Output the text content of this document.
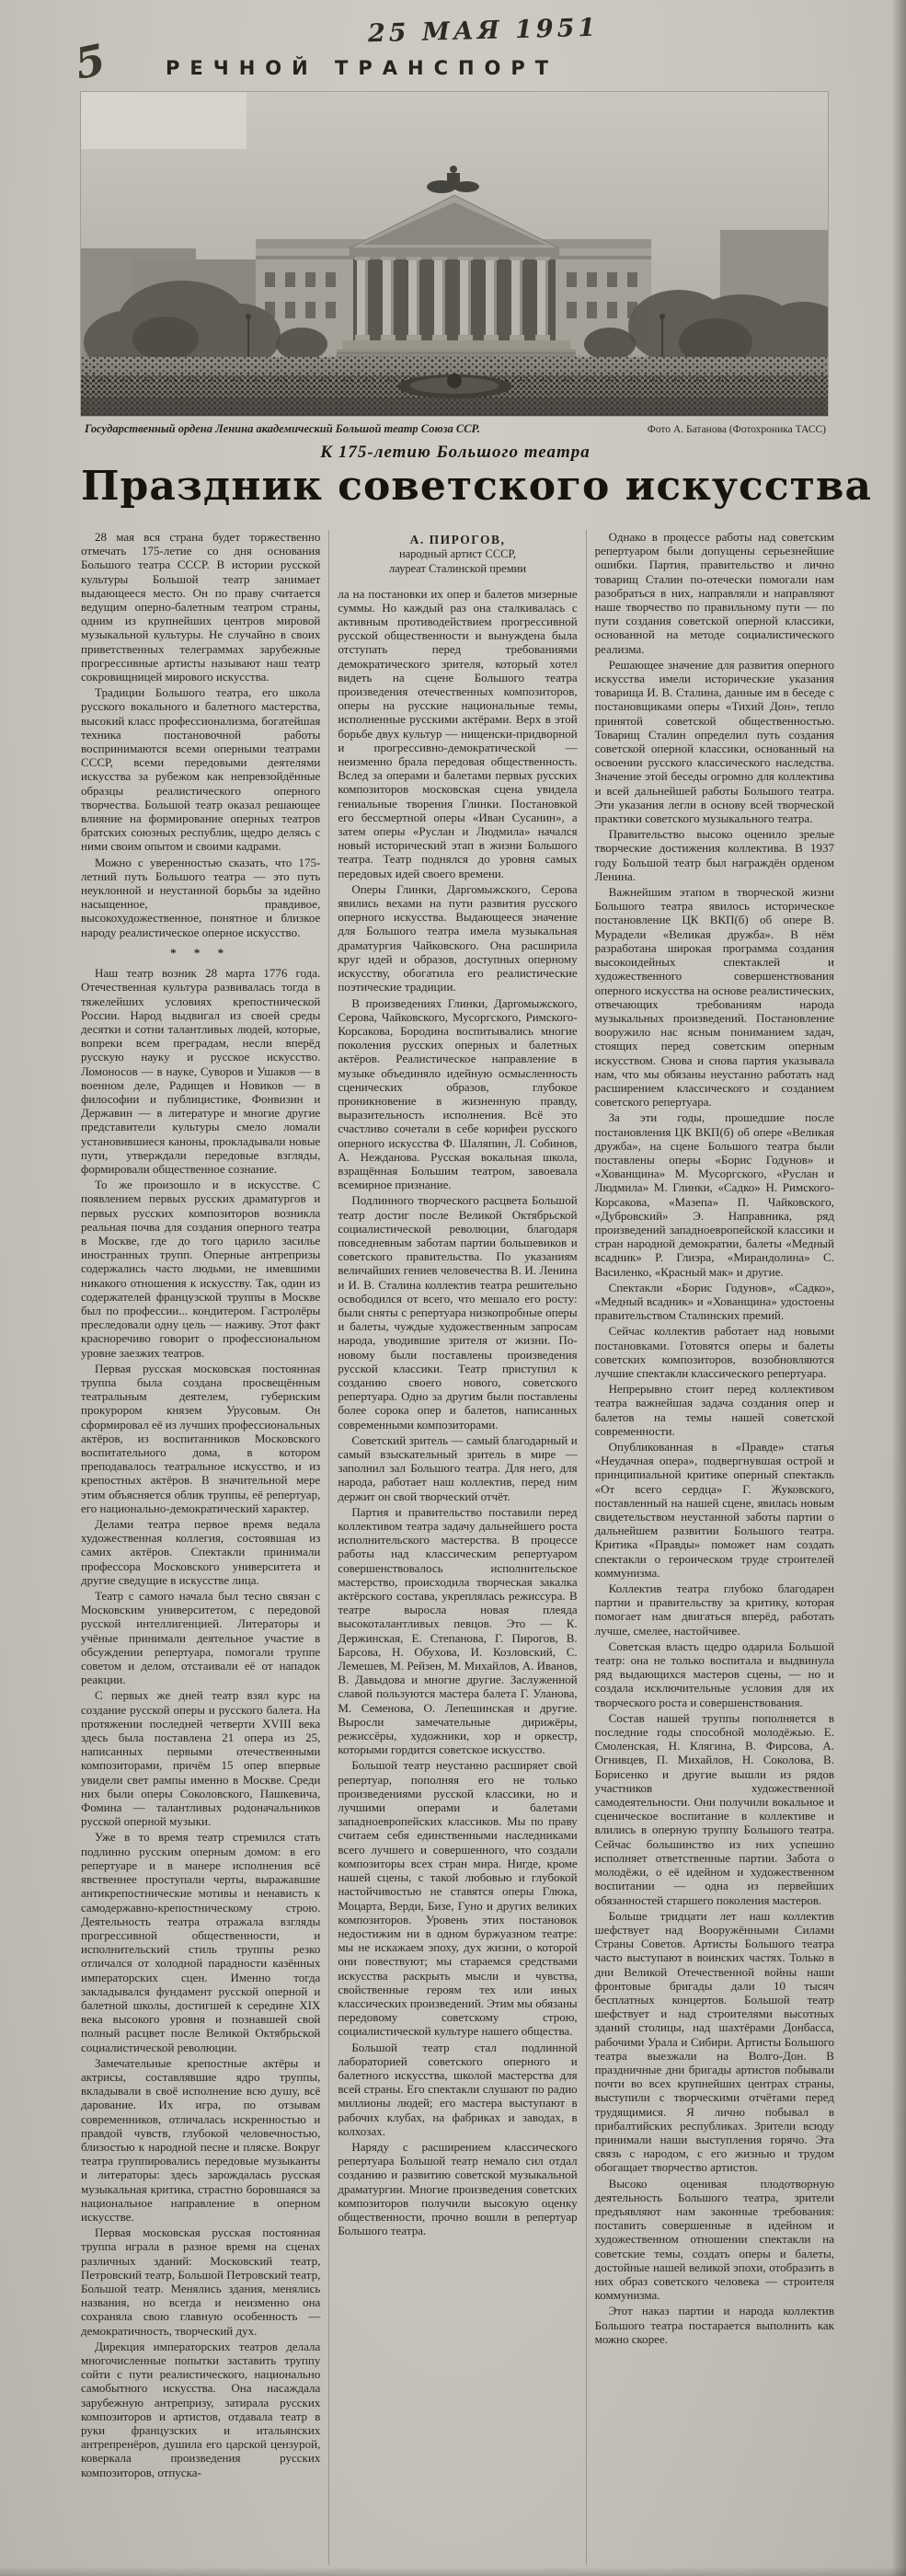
5
25 МАЯ 1951
РЕЧНОЙ ТРАНСПОРТ
Государственный ордена Ленина академический Большой театр Союза ССР.	Фото А. Батанова (Фотохроника ТАСС)
К 175-летию Большого театра
Праздник советского искусства

28 мая вся страна будет торжественно отмечать 175-летие со дня основания Большого театра СССР. В истории русской культуры Большой театр занимает выдающееся место. Он по праву считается ведущим оперно-балетным театром страны, одним из крупнейших центров мировой музыкальной культуры. Не случайно в своих приветственных телеграммах зарубежные прогрессивные артисты называют наш театр сокровищницей мирового искусства.

Традиции Большого театра, его школа русского вокального и балетного мастерства, высокий класс профессионализма, богатейшая техника постановочной работы воспринимаются всеми оперными театрами СССР, всеми передовыми деятелями искусства за рубежом как непревзойдённые образцы реалистического оперного творчества. Большой театр оказал решающее влияние на формирование оперных театров братских союзных республик, щедро делясь с ними своим опытом и своими кадрами.

Можно с уверенностью сказать, что 175-летний путь Большого театра — это путь неуклонной и неустанной борьбы за идейно насыщенное, правдивое, высокохудожественное, понятное и близкое народу реалистическое оперное искусство.

* * *

Наш театр возник 28 марта 1776 года. Отечественная культура развивалась тогда в тяжелейших условиях крепостнической России. Народ выдвигал из своей среды десятки и сотни талантливых людей, которые, вопреки всем преградам, несли вперёд русскую науку и русское искусство. Ломоносов — в науке, Суворов и Ушаков — в военном деле, Радищев и Новиков — в философии и публицистике, Фонвизин и Державин — в литературе и многие другие представители культуры смело ломали установившиеся каноны, прокладывали новые пути, утверждали передовые взгляды, формировали общественное сознание.

То же произошло и в искусстве. С появлением первых русских драматургов и первых русских композиторов возникла реальная почва для создания оперного театра в Москве, где до того царило засилье иностранных трупп. Оперные антрепризы содержались часто людьми, не имевшими никакого отношения к искусству. Так, один из содержателей французской труппы в Москве был по профессии... кондитером. Гастролёры преследовали одну цель — наживу. Этот факт красноречиво говорит о профессиональном уровне заезжих театров.

Первая русская московская постоянная труппа была создана просвещённым театральным деятелем, губернским прокурором князем Урусовым. Он сформировал её из лучших профессиональных актёров, из воспитанников Московского воспитательного дома, в котором преподавалось театральное искусство, и из крепостных актёров. В значительной мере этим объясняется облик труппы, её репертуар, его национально-демократический характер.

Делами театра первое время ведала художественная коллегия, состоявшая из самих актёров. Спектакли принимали профессора Московского университета и другие сведущие в искусстве лица.

Театр с самого начала был тесно связан с Московским университетом, с передовой русской интеллигенцией. Литераторы и учёные принимали деятельное участие в обсуждении репертуара, помогали труппе советом и делом, отстаивали её от нападок реакции.

С первых же дней театр взял курс на создание русской оперы и русского балета. На протяжении последней четверти XVIII века здесь была поставлена 21 опера из 25, написанных первыми отечественными композиторами, причём 15 опер впервые увидели свет рампы именно в Москве. Среди них были оперы Соколовского, Пашкевича, Фомина — талантливых родоначальников русской оперной музыки.

Уже в то время театр стремился стать подлинно русским оперным домом: в его репертуаре и в манере исполнения всё явственнее проступали черты, выражавшие антикрепостнические мотивы и ненависть к самодержавно-крепостническому строю. Деятельность театра отражала взгляды прогрессивной общественности, и исполнительский стиль труппы резко отличался от холодной парадности казённых императорских сцен. Именно тогда закладывался фундамент русской оперной и балетной школы, достигшей к середине XIX века высокого уровня и познавшей свой полный расцвет после Великой Октябрьской социалистической революции.

Замечательные крепостные актёры и актрисы, составлявшие ядро труппы, вкладывали в своё исполнение всю душу, всё дарование. Их игра, по отзывам современников, отличалась искренностью и правдой чувств, глубокой человечностью, близостью к народной песне и пляске. Вокруг театра группировались передовые музыканты и литераторы: здесь зарождалась русская музыкальная критика, страстно боровшаяся за национальное направление в оперном искусстве.

Первая московская русская постоянная труппа играла в разное время на сценах различных зданий: Московский театр, Петровский театр, Большой Петровский театр, Большой театр. Менялись здания, менялись названия, но всегда и неизменно она сохраняла свою главную особенность — демократичность, творческий дух.

Дирекция императорских театров делала многочисленные попытки заставить труппу сойти с пути реалистического, национально самобытного искусства. Она насаждала зарубежную антрепризу, затирала русских композиторов и артистов, отдавала театр в руки французских и итальянских антрепренёров, душила его царской цензурой, коверкала произведения русских композиторов, отпуска-

А. ПИРОГОВ,
народный артист СССР,
лауреат Сталинской премии

ла на постановки их опер и балетов мизерные суммы. Но каждый раз она сталкивалась с активным противодействием прогрессивной русской общественности и вынуждена была отступать перед требованиями демократического зрителя, который хотел видеть на сцене Большого театра произведения отечественных композиторов, оперы на русские национальные темы, исполненные русскими актёрами. Верх в этой борьбе двух культур — нищенски-придворной и прогрессивно-демократической — неизменно брала передовая общественность. Вслед за операми и балетами первых русских композиторов московская сцена увидела гениальные творения Глинки. Постановкой его бессмертной оперы «Иван Сусанин», а затем оперы «Руслан и Людмила» начался новый исторический этап в жизни Большого театра. Театр поднялся до уровня самых передовых идей своего времени.

Оперы Глинки, Даргомыжского, Серова явились вехами на пути развития русского оперного искусства. Выдающееся значение для Большого театра имела музыкальная драматургия Чайковского. Она расширила круг идей и образов, доступных оперному искусству, обогатила его реалистические поэтические традиции.

В произведениях Глинки, Даргомыжского, Серова, Чайковского, Мусоргского, Римского-Корсакова, Бородина воспитывались многие поколения русских оперных и балетных актёров. Реалистическое направление в музыке объединяло идейную осмысленность сценических образов, глубокое проникновение в жизненную правду, выразительность исполнения. Всё это счастливо сочетали в себе корифеи русского оперного искусства Ф. Шаляпин, Л. Собинов, А. Нежданова. Русская вокальная школа, взращённая Большим театром, завоевала всемирное признание.

Подлинного творческого расцвета Большой театр достиг после Великой Октябрьской социалистической революции, благодаря повседневным заботам партии большевиков и советского правительства. По указаниям величайших гениев человечества В. И. Ленина и И. В. Сталина коллектив театра решительно освободился от всего, что мешало его росту: были сняты с репертуара низкопробные оперы и балеты, чуждые художественным запросам народа, уводившие зрителя от жизни. По-новому были поставлены произведения русской классики. Театр приступил к созданию своего нового, советского репертуара. Одно за другим были поставлены более сорока опер и балетов, написанных современными композиторами.

Советский зритель — самый благодарный и самый взыскательный зритель в мире — заполнил зал Большого театра. Для него, для народа, работает наш коллектив, перед ним держит он свой творческий отчёт.

Партия и правительство поставили перед коллективом театра задачу дальнейшего роста исполнительского мастерства. В процессе работы над классическим репертуаром совершенствовалось исполнительское мастерство, происходила творческая закалка актёрского состава, укреплялась режиссура. В театре выросла новая плеяда высокоталантливых певцов. Это — К. Держинская, Е. Степанова, Г. Пирогов, В. Барсова, Н. Обухова, И. Козловский, С. Лемешев, М. Рейзен, М. Михайлов, А. Иванов, В. Давыдова и многие другие. Заслуженной славой пользуются мастера балета Г. Уланова, М. Семенова, О. Лепешинская и другие. Выросли замечательные дирижёры, режиссёры, художники, хор и оркестр, которыми гордится советское искусство.

Большой театр неустанно расширяет свой репертуар, пополняя его не только произведениями русской классики, но и лучшими операми и балетами западноевропейских классиков. Мы по праву считаем себя единственными наследниками всего лучшего и совершенного, что создали композиторы всех стран мира. Нигде, кроме нашей сцены, с такой любовью и глубокой настойчивостью не ставятся оперы Глюка, Моцарта, Верди, Бизе, Гуно и других великих композиторов. Уровень этих постановок недостижим ни в одном буржуазном театре: мы не искажаем эпоху, дух жизни, о которой они повествуют; мы стараемся средствами искусства раскрыть мысли и чувства, свойственные героям тех или иных классических произведений. Этим мы обязаны передовому советскому строю, социалистической культуре нашего общества.

Большой театр стал подлинной лабораторией советского оперного и балетного искусства, школой мастерства для всей страны. Его спектакли слушают по радио миллионы людей; его мастера выступают в рабочих клубах, на фабриках и заводах, в колхозах.

Наряду с расширением классического репертуара Большой театр немало сил отдал созданию и развитию советской музыкальной драматургии. Многие произведения советских композиторов получили высокую оценку общественности, прочно вошли в репертуар Большого театра.

Однако в процессе работы над советским репертуаром были допущены серьезнейшие ошибки. Партия, правительство и лично товарищ Сталин по-отечески помогали нам разобраться в них, направляли и направляют наше творчество по правильному пути — по пути создания советской оперной классики, основанной на методе социалистического реализма.

Решающее значение для развития оперного искусства имели исторические указания товарища И. В. Сталина, данные им в беседе с постановщиками оперы «Тихий Дон», тепло принятой советской общественностью. Товарищ Сталин определил путь создания советской оперной классики, основанный на освоении русского классического наследства. Значение этой беседы огромно для коллектива и всей дальнейшей работы Большого театра. Эти указания легли в основу всей творческой практики советского музыкального театра.

Правительство высоко оценило зрелые творческие достижения коллектива. В 1937 году Большой театр был награждён орденом Ленина.

Важнейшим этапом в творческой жизни Большого театра явилось историческое постановление ЦК ВКП(б) об опере В. Мурадели «Великая дружба». В нём разработана широкая программа создания высокоидейных спектаклей и художественного совершенствования оперного искусства на основе реалистических, отвечающих требованиям народа музыкальных произведений. Постановление вооружило нас ясным пониманием задач, стоящих перед советским оперным искусством. Снова и снова партия указывала нам, что мы обязаны неустанно работать над расширением классического и созданием советского репертуара.

За эти годы, прошедшие после постановления ЦК ВКП(б) об опере «Великая дружба», на сцене Большого театра были поставлены оперы «Борис Годунов» и «Хованщина» М. Мусоргского, «Руслан и Людмила» М. Глинки, «Садко» Н. Римского-Корсакова, «Мазепа» П. Чайковского, «Дубровский» Э. Направника, ряд произведений западноевропейской классики и стран народной демократии, балеты «Медный всадник» Р. Глиэра, «Мирандолина» С. Василенко, «Красный мак» и другие.

Спектакли «Борис Годунов», «Садко», «Медный всадник» и «Хованщина» удостоены правительством Сталинских премий.

Сейчас коллектив работает над новыми постановками. Готовятся оперы и балеты советских композиторов, возобновляются лучшие спектакли классического репертуара.

Непрерывно стоит перед коллективом театра важнейшая задача создания опер и балетов на темы нашей советской современности.

Опубликованная в «Правде» статья «Неудачная опера», подвергнувшая острой и принципиальной критике оперный спектакль «От всего сердца» Г. Жуковского, поставленный на нашей сцене, явилась новым свидетельством неустанной заботы партии о дальнейшем развитии Большого театра. Критика «Правды» поможет нам создать спектакли о героическом труде строителей коммунизма.

Коллектив театра глубоко благодарен партии и правительству за критику, которая помогает нам двигаться вперёд, работать лучше, смелее, настойчивее.

Советская власть щедро одарила Большой театр: она не только воспитала и выдвинула ряд выдающихся мастеров сцены, — но и создала исключительные условия для их творческого роста и совершенствования.

Состав нашей труппы пополняется в последние годы способной молодёжью. Е. Смоленская, Н. Клягина, В. Фирсова, А. Огнивцев, П. Михайлов, Н. Соколова, В. Борисенко и другие вышли из рядов участников художественной самодеятельности. Они получили вокальное и сценическое воспитание в коллективе и влились в оперную труппу Большого театра. Сейчас большинство из них успешно исполняет ответственные партии. Забота о молодёжи, о её идейном и художественном воспитании — одна из первейших обязанностей старшего поколения мастеров.

Больше тридцати лет наш коллектив шефствует над Вооружёнными Силами Страны Советов. Артисты Большого театра часто выступают в воинских частях. Только в дни Великой Отечественной войны наши фронтовые бригады дали 10 тысяч бесплатных концертов. Большой театр шефствует и над строителями высотных зданий столицы, над шахтёрами Донбасса, рабочими Урала и Сибири. Артисты Большого театра выезжали на Волго-Дон. В праздничные дни бригады артистов побывали почти во всех крупнейших центрах страны, выступили с творческими отчётами перед трудящимися. Я лично побывал в прибалтийских республиках. Зрители всюду принимали наши выступления горячо. Эта связь с народом, с его жизнью и трудом обогащает творчество артистов.

Высоко оценивая плодотворную деятельность Большого театра, зрители предъявляют нам законные требования: поставить совершенные в идейном и художественном отношении спектакли на советские темы, создать оперы и балеты, достойные нашей великой эпохи, отобразить в них образ советского человека — строителя коммунизма.

Этот наказ партии и народа коллектив Большого театра постарается выполнить как можно скорее.
